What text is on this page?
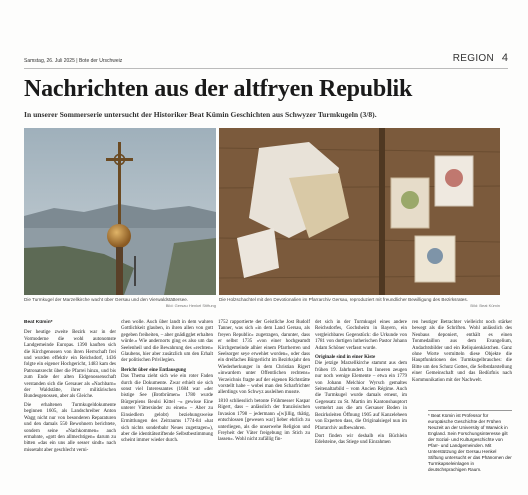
Samstag, 26. Juli 2025 | Bote der Urschweiz	REGION 4
Nachrichten aus der altfryen Republik
In unserer Sommerserie untersucht der Historiker Beat Kümin Geschichten aus Schwyzer Turmkugeln (3/8).
Die Turmkugel der Marzellkirche wacht über Gersau und den Vierwaldstättersee.
Bild: Gersau Henkel Stiftung
Die Holzschachtel mit den Devotionalien im Pfarrarchiv Gersau, reproduziert mit freundlicher Bewilligung des Bezirksrates.
Bild: Beat Kümin
Beat Kümin*

Der heutige zweite Bezirk war in der Vormoderne die wohl autonomste Landgemeinde Europas. 1390 kauften sich die Kirchgenossen von ihren Herrschaft frei und wurden effektiv ein Reichsdorf, 1436 folgte ein eigener Hochgericht, 1483 kam des Patronatsrecht über die Pfarrei hinzu, und bis zum Ende der alten Eidgenossenschaft verstanden sich die Gersauer als «Nachbarn» der Waldstätte, ihrer militärischen Bundesgenossen, aber als Gleiche.

Die erhaltenen Turmkugeldokumente beginnen 1605, als Landschreiber Anton Wagg nicht nur von besonderen Reparaturen und den damals 550 Bewohnern berichtete, sondern seine «Nachkommen» auch ermahnte, «gott den allmechtigen» darum zu bitten «das ein uns alle sesser sindt» nach missetaht aber geschlecht verni-

chen wolle. Auch über landt in dem wahren Gottlichkeit glauben, in ihren allen von gott gegeben freiheiten, – aber gnädigglet erhalten würde.» Wie andernorts ging es also um das Seelenheil und die Bewahrung des «rechten» Glaubens, hier aber zusätzlich um den Erhalt der politischen Privilegien.

Bericht über eine Entlausgung

Das Thema zieht sich wie ein roter Faden durch die Dokumente. Zwar erhielt sie sich sonst viel Interessantes (1684 war «der bistige See (Brotbrümen» 1780 wurde Bürgerpiens Beulsi Kittel –» gewisse Eine unterer Vättersinder zu einen» – Aber zu Einsiedlern gelobt) beziehungsweise Ermittlungen des Zeitraums 1774-84 «hat sich nichts sonderbahr Neues zugetragen»), aber die identitätsstiftende Selbstbestimmung scheint immer wieder durch.

1752 rapportierte der Geistliche Jost Rudolf Tanner, was sich «in dem Land Gersau, als freyen Republic» zugetragen, darunter, dass er selbst 1735 «von einer hochgeamdt Kirchgemeinde alhier einem Pfarrherren und Seelsorger seye erwehlet worden», oder dass ein dreifaches Bürgerlicht im Bezirksjahr den Wiederherkunger in dem Christian Rigert «inwardern unter Offentlichen rechtens» Verzeichnis fragte auf der eigenen Richtstätte vorstellt habe – wobei man den Scharfrichter allerdings von Schwyz ausleihen musste.

1810 schliesslich betonte Frühmesser Kaspar Rigert, dass – anlässlich der französischen Invasion 1798 – jedermann «[w]illig, thätig, entschlossen [gewesen war] lieber ehrlich zu unterliegen, als die unserwehe Religion und Freyheit der Väter freigebung im Stich zu lassen». Wohl nicht zufällig fin-

det sich in der Turmkugel eines andere Reichsdorfes, Gochsheim in Bayern, ein vergleichbares Gegenstück: die Urkunde von 1781 von dortigen lutherischen Pastor Johann Adam Schöner verfasst wurde.

Originale sind in einer Kiste

Die jetzige Marzellkirche stammt aus dem frühen 19. Jahrhundert. Im Inneren zeugen nur noch wenige Elemente – etwa ein 1779 von Johann Melchior Wyrsch gemaltes Seitenaltarbild – vom Ancien Régime. Auch die Turmkugel wurde damals erneut, im Gegensatz zu St. Martin im Kantonshauptort vermehrt aus die am Gersauer Boden in Bezirksleiten Öffnung 1905 auf Kanzeleheen von Experten dass, die Originalsiegel nun im Pfarrarchiv aufbewahren.

Dort finden wir deshalb ein Büchlein Edelsteine, das Stiege und Einrahmen

ren heutiger Betrachter vielleicht noch stärker bewegt als die Schriften. Wohl anlässlich des Neubaus deponiert, enthält es einen Tonmedaillon aus dem Evangelium, Andachtsbilder und ein Reliquienkästchen. Ganz ohne Worte vermitteln diese Objekte die Hauptfunktionen des Turmkugelbrauches: die Bitte um den Schutz Gottes, die Selbstdarstellung einer Gemeinschaft und das Bedürfnis nach Kommunikation mit der Nachwelt.

* Beat Kümin ist Professor für europäische Geschichte der Frühen Neuzeit an der University of Warwick in England. Sein Forschungsinteresse gilt der Sozial- und Kulturgeschichte von Pfarr- und Landgemeinden. Mit Unterstützung der Gersau Henkel Stiftung untersucht er das Phänomen der Turmkapseleinlagen in deutschsprachigen Raum.
